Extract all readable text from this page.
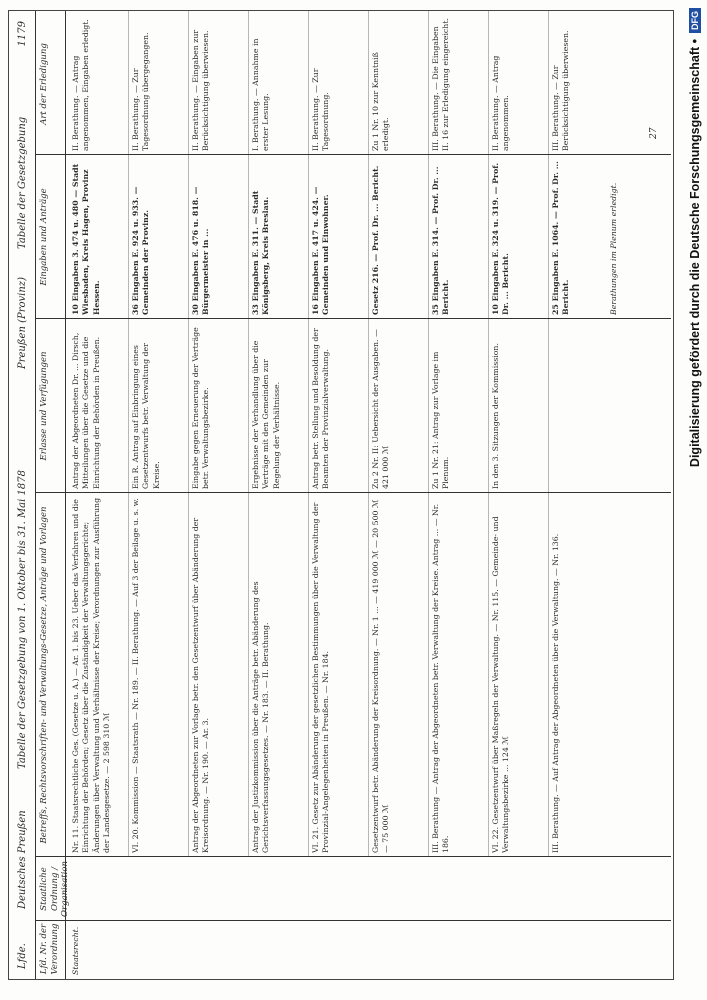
Lfde.
Deutsches Preußen
Tabelle der Gesetzgebung von 1. Oktober bis 31. Mai 1878
Preußen (Provinz)
Tabelle der Gesetzgebung
1179
Lfd. Nr. der Verordnung
Staatliche Ordnung / Organisation
Betreffs, Rechtsvorschriften- und Verwaltungs-Gesetze, Anträge und Vorlagen
Erlasse und Verfügungen
Eingaben und Anträge
Art der Erledigung
Staatsrecht.
Nr. 11. Staatsrechtliche Ges. (Gesetze u. A.) — Ar. 1. bis 23. Ueber das Verfahren und die Einrichtung der Behörden; Gesetz über die Zuständigkeit der Verwaltungsgerichte; Änderungen über Verwaltung und Verhältnisse der Kreise; Verordnungen zur Ausführung der Landesgesetze. — 2 598 310 ℳ
Antrag der Abgeordneten Dr. ... Dirsch, Mitteilungen über die Gesetze und die Einrichtung der Behörden in Preußen.
10 Eingaben 3. 474 u. 480 — Stadt Wiesbaden, Kreis Hagen, Provinz Hessen.
II. Berathung. — Antrag angenommen, Eingaben erledigt.
VI. 20. Kommission — Staatsrath — Nr. 189. — II. Berathung. — Auf 3 der Beilage u. s. w.
Ein R. Antrag auf Einbringung eines Gesetzentwurfs betr. Verwaltung der Kreise.
36 Eingaben E. 924 u. 933. — Gemeinden der Provinz.
II. Berathung. — Zur Tagesordnung übergegangen.
Antrag der Abgeordneten zur Vorlage betr. den Gesetzentwurf über Abänderung der Kreisordnung. — Nr. 190. — Ar. 3.
Eingabe gegen Erneuerung der Verträge betr. Verwaltungsbezirke.
30 Eingaben E. 476 u. 818. — Bürgermeister in ...
II. Berathung. — Eingaben zur Berücksichtigung überwiesen.
Antrag der Justizkommission über die Anträge betr. Abänderung des Gerichtsverfassungsgesetzes. — Nr. 183. — II. Berathung.
Ergebnisse der Verhandlung über die Verträge mit den Gemeinden zur Regelung der Verhältnisse.
33 Eingaben E. 311. — Stadt Königsberg, Kreis Breslau.
I. Berathung. — Annahme in erster Lesung.
VI. 21. Gesetz zur Abänderung der gesetzlichen Bestimmungen über die Verwaltung der Provinzial-Angelegenheiten in Preußen. — Nr. 184.
Antrag betr. Stellung und Besoldung der Beamten der Provinzialverwaltung.
16 Eingaben E. 417 u. 424. — Gemeinden und Einwohner.
II. Berathung. — Zur Tagesordnung.
Gesetzentwurf betr. Abänderung der Kreisordnung. — Nr. 1 ... — 419 000 ℳ — 20 500 ℳ — 75 000 ℳ
Zu 2 Nr. II: Uebersicht der Ausgaben. — 421 000 ℳ
Gesetz 216. — Prof. Dr. ... Bericht.
Zu 1 Nr. 10 zur Kenntniß erledigt.
III. Berathung — Antrag der Abgeordneten betr. Verwaltung der Kreise. Antrag ... — Nr. 186.
Zu 1 Nr. 21: Antrag zur Vorlage im Plenum.
35 Eingaben E. 314. — Prof. Dr. ... Bericht.
III. Berathung. — Die Eingaben II. 16 zur Erledigung eingereicht.
VI. 22. Gesetzentwurf über Maßregeln der Verwaltung. — Nr. 115. — Gemeinde- und Verwaltungsbezirke ... 124 ℳ
In den 3. Sitzungen der Kommission.
10 Eingaben E. 324 u. 319. — Prof. Dr. ... Bericht.
II. Berathung. — Antrag angenommen.
III. Berathung. — Auf Antrag der Abgeordneten über die Verwaltung. — Nr. 136.
25 Eingaben E. 1064. — Prof. Dr. ... Bericht.
III. Berathung. — Zur Berücksichtigung überwiesen.
Berathungen im Plenum erledigt.
27 Digitalisierung gefördert durch die Deutsche Forschungsgemeinschaft •
DFG
